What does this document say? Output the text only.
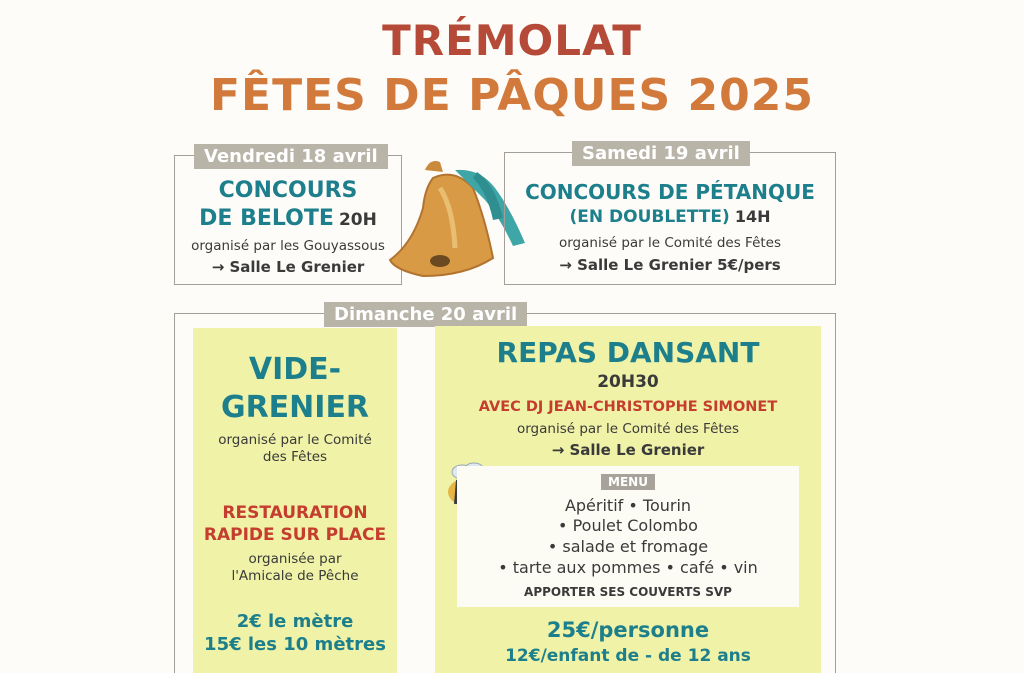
TRÉMOLAT
FÊTES DE PÂQUES 2025
Vendredi 18 avril
CONCOURS
DE BELOTE 20H
organisé par les Gouyassous
→ Salle Le Grenier
Samedi 19 avril
CONCOURS DE PÉTANQUE
(EN DOUBLETTE) 14H
organisé par le Comité des Fêtes
→ Salle Le Grenier 5€/pers
Dimanche 20 avril
VIDE-
GRENIER
organisé par le Comité
des Fêtes
RESTAURATION
RAPIDE SUR PLACE
organisée par
l'Amicale de Pêche
2€ le mètre
15€ les 10 mètres
REPAS DANSANT
20H30
AVEC DJ JEAN-CHRISTOPHE SIMONET
organisé par le Comité des Fêtes
→ Salle Le Grenier
MENU
Apéritif • Tourin
• Poulet Colombo
• salade et fromage
• tarte aux pommes • café • vin
APPORTER SES COUVERTS SVP
25€/personne
12€/enfant de - de 12 ans
